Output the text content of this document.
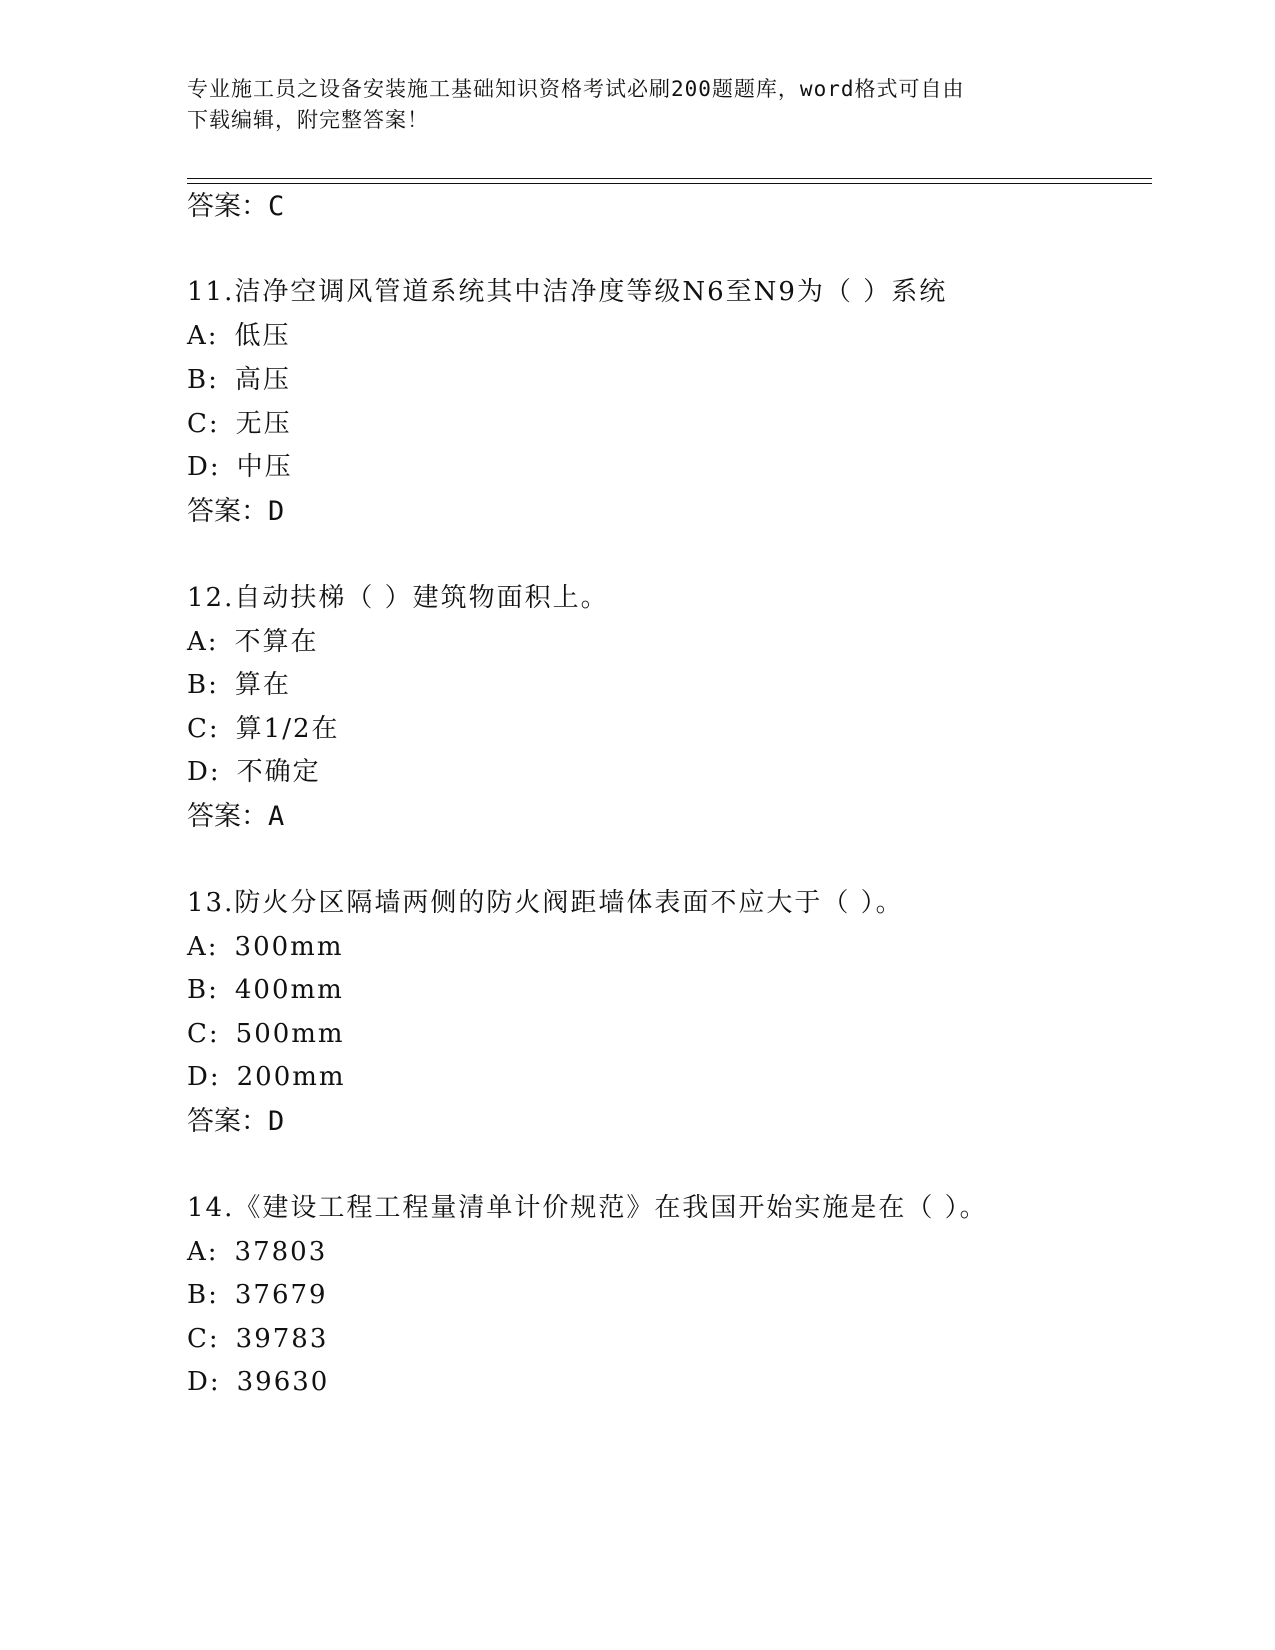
专业施工员之设备安装施工基础知识资格考试必刷200题题库，word格式可自由
下载编辑，附完整答案！
答案：C
11.洁净空调风管道系统其中洁净度等级N6至N9为（ ）系统
A: 低压
B: 高压
C: 无压
D: 中压
答案：D
12.自动扶梯（ ）建筑物面积上。
A: 不算在
B: 算在
C: 算1/2在
D: 不确定
答案：A
13.防火分区隔墙两侧的防火阀距墙体表面不应大于（ ）。
A: 300mm
B: 400mm
C: 500mm
D: 200mm
答案：D
14.《建设工程工程量清单计价规范》在我国开始实施是在（ ）。
A: 37803
B: 37679
C: 39783
D: 39630
